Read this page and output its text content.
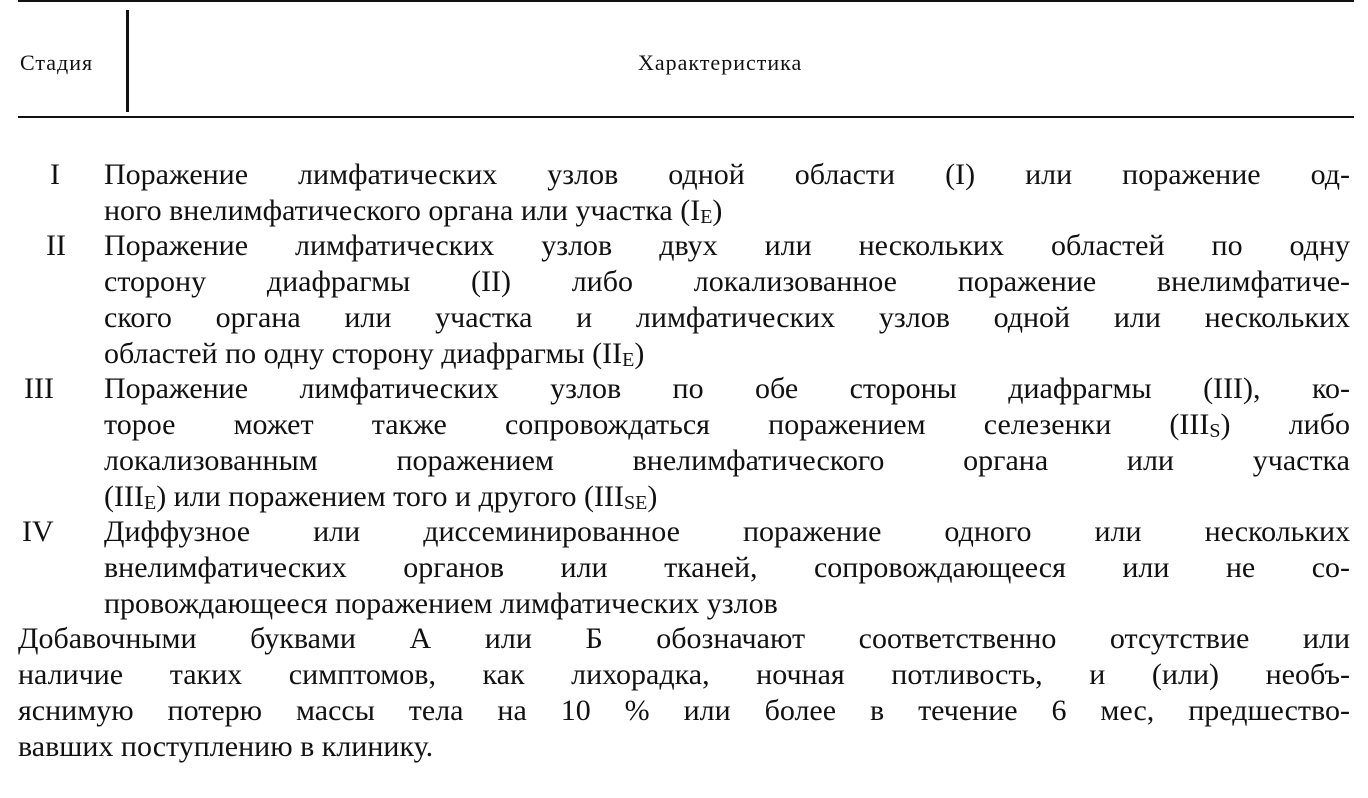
Стадия	Характеристика
I Поражение лимфатических узлов одной области (I) или поражение од-
ного внелимфатического органа или участка $(I_Е)$
II Поражение лимфатических узлов двух или нескольких областей по одну
сторону диафрагмы (II) либо локализованное поражение внелимфатиче-
ского органа или участка и лимфатических узлов одной или нескольких
областей по одну сторону диафрагмы $(II_Е)$
III Поражение лимфатических узлов по обе стороны диафрагмы (III), ко-
торое может также сопровождаться поражением селезенки $(III_S)$ либо
локализованным поражением внелимфатического органа или участка
$(III_Е)$ или поражением того и другого $(III_{SЕ})$
IV Диффузное или диссеминированное поражение одного или нескольких
внелимфатических органов или тканей, сопровождающееся или не со-
провождающееся поражением лимфатических узлов
Добавочными буквами А или Б обозначают соответственно отсутствие или
наличие таких симптомов, как лихорадка, ночная потливость, и (или) необъ-
яснимую потерю массы тела на 10 % или более в течение 6 мес, предшество-
вавших поступлению в клинику.
